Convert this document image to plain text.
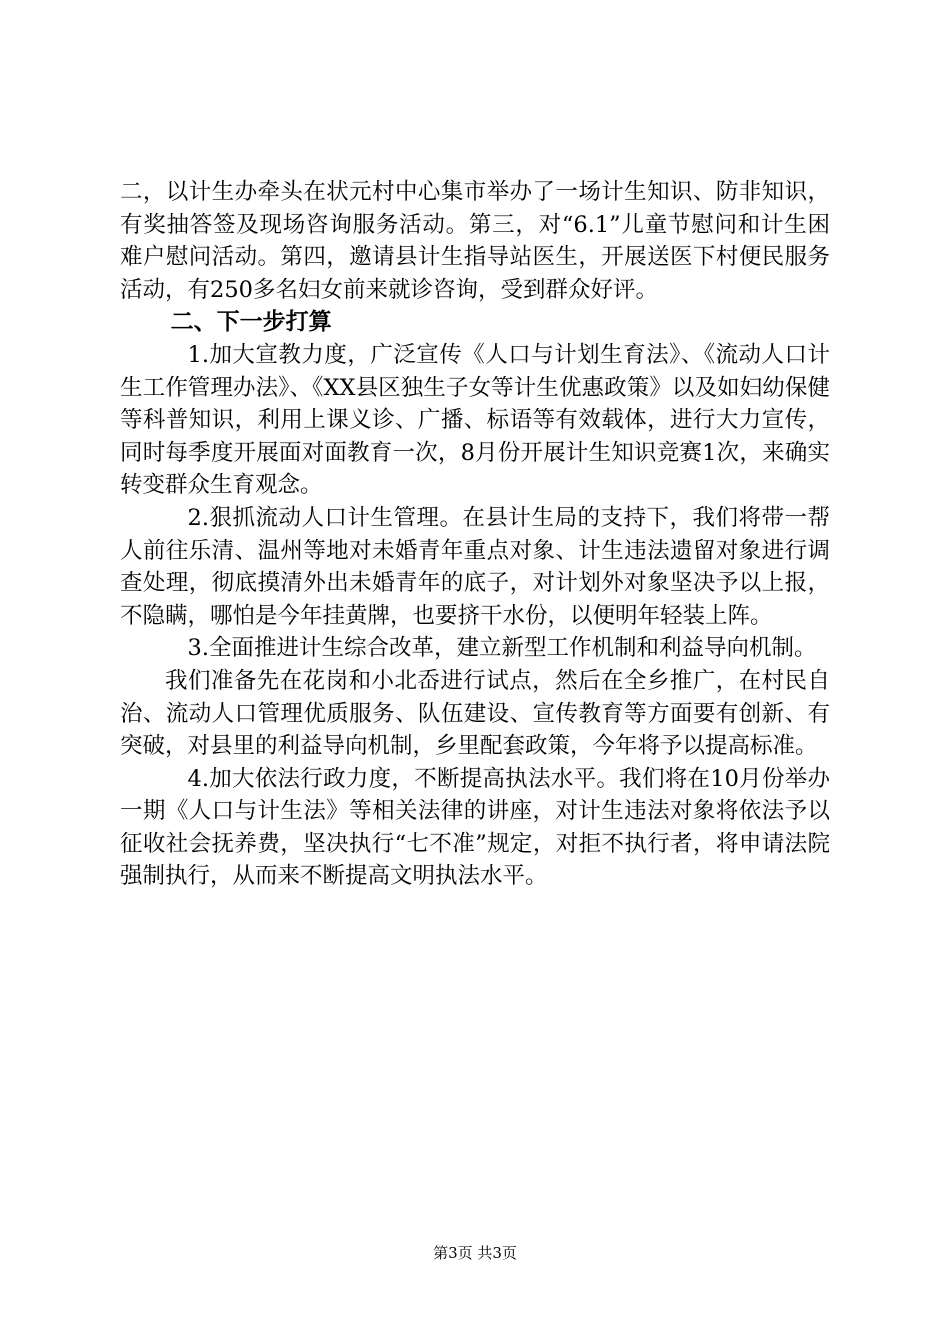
二，以计生办牵头在状元村中心集市举办了一场计生知识、防非知识，有奖抽答签及现场咨询服务活动。第三，对“6.1”儿童节慰问和计生困难户慰问活动。第四，邀请县计生指导站医生，开展送医下村便民服务活动，有250多名妇女前来就诊咨询，受到群众好评。

二、下一步打算

1.加大宣教力度，广泛宣传《人口与计划生育法》、《流动人口计生工作管理办法》、《XX县区独生子女等计生优惠政策》以及如妇幼保健等科普知识，利用上课义诊、广播、标语等有效载体，进行大力宣传，同时每季度开展面对面教育一次，8月份开展计生知识竞赛1次，来确实转变群众生育观念。

2.狠抓流动人口计生管理。在县计生局的支持下，我们将带一帮人前往乐清、温州等地对未婚青年重点对象、计生违法遗留对象进行调查处理，彻底摸清外出未婚青年的底子，对计划外对象坚决予以上报，不隐瞒，哪怕是今年挂黄牌，也要挤干水份，以便明年轻装上阵。

3.全面推进计生综合改革，建立新型工作机制和利益导向机制。

我们准备先在花岗和小北岙进行试点，然后在全乡推广，在村民自治、流动人口管理优质服务、队伍建设、宣传教育等方面要有创新、有突破，对县里的利益导向机制，乡里配套政策，今年将予以提高标准。

4.加大依法行政力度，不断提高执法水平。我们将在10月份举办一期《人口与计生法》等相关法律的讲座，对计生违法对象将依法予以征收社会抚养费，坚决执行“七不准”规定，对拒不执行者，将申请法院强制执行，从而来不断提高文明执法水平。

第3页 共3页
